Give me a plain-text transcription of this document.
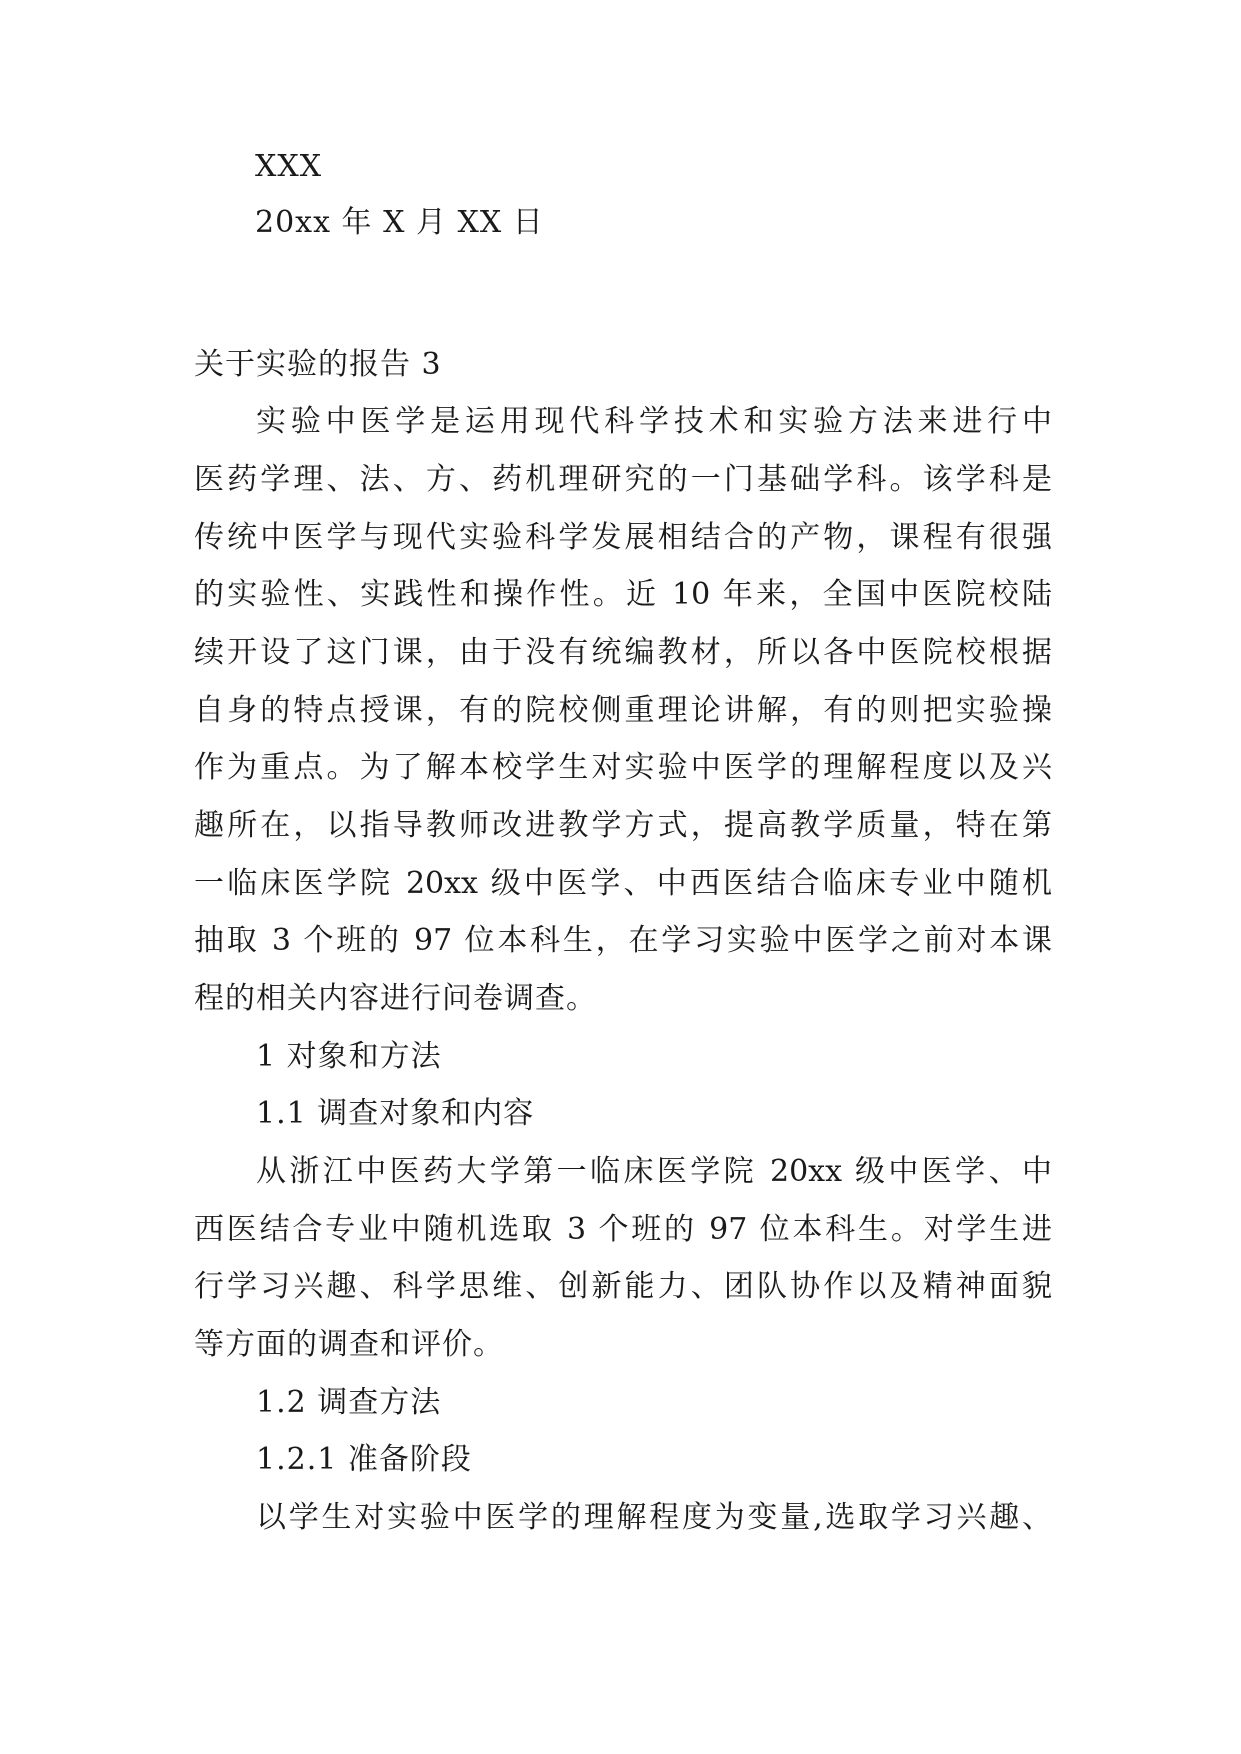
XXX
20xx 年 X 月 XX 日
关于实验的报告 3
实验中医学是运用现代科学技术和实验方法来进行中
医药学理、法、方、药机理研究的一门基础学科。该学科是
传统中医学与现代实验科学发展相结合的产物，课程有很强
的实验性、实践性和操作性。近 10 年来，全国中医院校陆
续开设了这门课，由于没有统编教材，所以各中医院校根据
自身的特点授课，有的院校侧重理论讲解，有的则把实验操
作为重点。为了解本校学生对实验中医学的理解程度以及兴
趣所在，以指导教师改进教学方式，提高教学质量，特在第
一临床医学院 20xx 级中医学、中西医结合临床专业中随机
抽取 3 个班的 97 位本科生，在学习实验中医学之前对本课
程的相关内容进行问卷调查。
1 对象和方法
1.1 调查对象和内容
从浙江中医药大学第一临床医学院 20xx 级中医学、中
西医结合专业中随机选取 3 个班的 97 位本科生。对学生进
行学习兴趣、科学思维、创新能力、团队协作以及精神面貌
等方面的调查和评价。
1.2 调查方法
1.2.1 准备阶段
以学生对实验中医学的理解程度为变量,选取学习兴趣、
